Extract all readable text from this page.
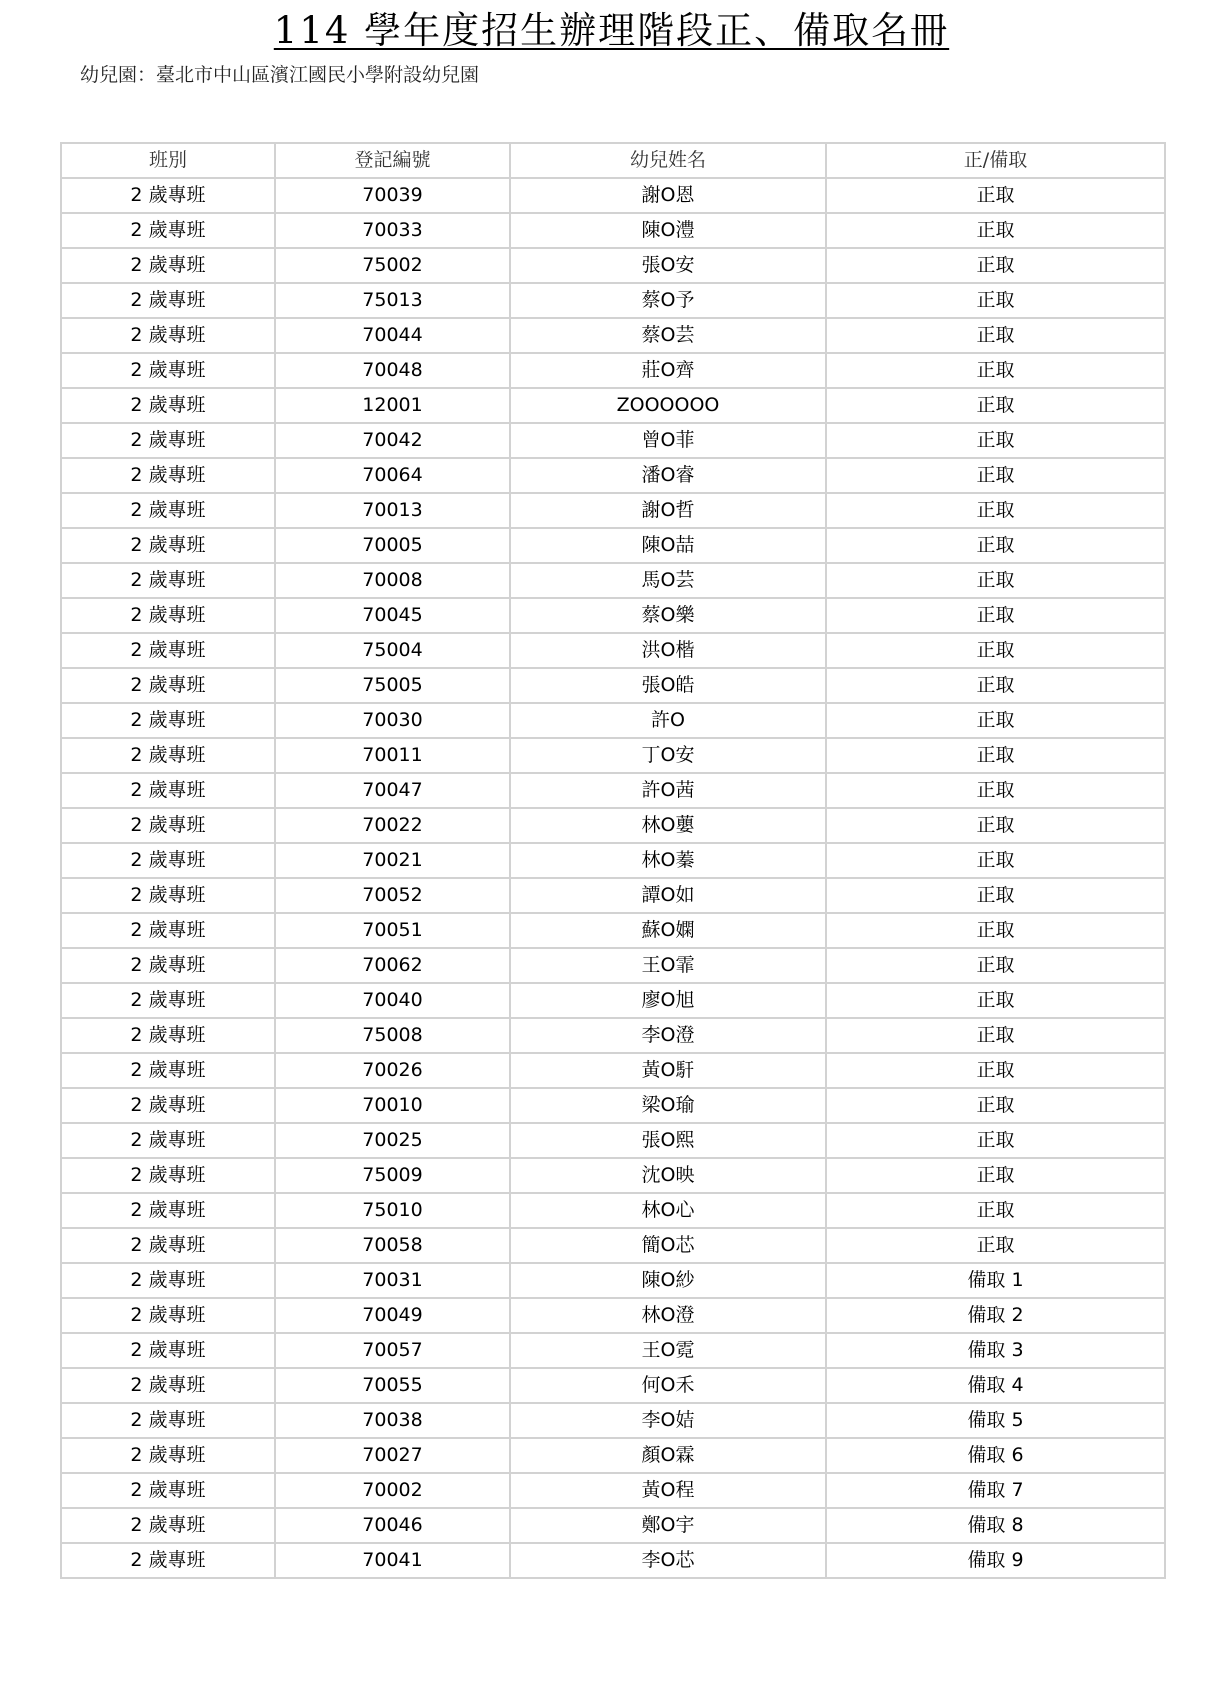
114 學年度招生辦理階段正、備取名冊
幼兒園：臺北市中山區濱江國民小學附設幼兒園
班別	登記編號	幼兒姓名	正/備取
2 歲專班	70039	謝O恩	正取
2 歲專班	70033	陳O澧	正取
2 歲專班	75002	張O安	正取
2 歲專班	75013	蔡O予	正取
2 歲專班	70044	蔡O芸	正取
2 歲專班	70048	莊O齊	正取
2 歲專班	12001	ZOOOOOO	正取
2 歲專班	70042	曾O菲	正取
2 歲專班	70064	潘O睿	正取
2 歲專班	70013	謝O哲	正取
2 歲專班	70005	陳O喆	正取
2 歲專班	70008	馬O芸	正取
2 歲專班	70045	蔡O樂	正取
2 歲專班	75004	洪O楷	正取
2 歲專班	75005	張O皓	正取
2 歲專班	70030	許O	正取
2 歲專班	70011	丁O安	正取
2 歲專班	70047	許O茜	正取
2 歲專班	70022	林O蘡	正取
2 歲專班	70021	林O蓁	正取
2 歲專班	70052	譚O如	正取
2 歲專班	70051	蘇O嫻	正取
2 歲專班	70062	王O霏	正取
2 歲專班	70040	廖O旭	正取
2 歲專班	75008	李O澄	正取
2 歲專班	70026	黃O馯	正取
2 歲專班	70010	梁O瑜	正取
2 歲專班	70025	張O熙	正取
2 歲專班	75009	沈O映	正取
2 歲專班	75010	林O心	正取
2 歲專班	70058	簡O芯	正取
2 歲專班	70031	陳O紗	備取 1
2 歲專班	70049	林O澄	備取 2
2 歲專班	70057	王O霓	備取 3
2 歲專班	70055	何O禾	備取 4
2 歲專班	70038	李O姞	備取 5
2 歲專班	70027	顏O霖	備取 6
2 歲專班	70002	黃O程	備取 7
2 歲專班	70046	鄭O宇	備取 8
2 歲專班	70041	李O芯	備取 9
